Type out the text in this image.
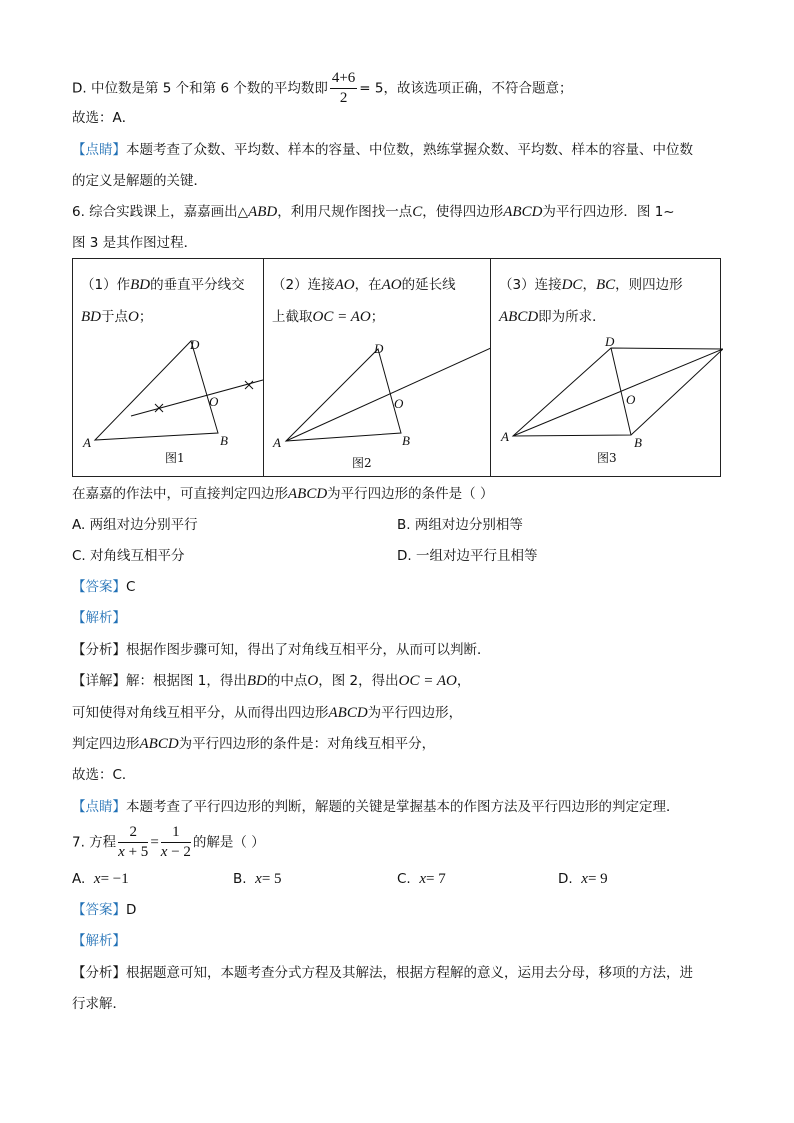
D. 中位数是第 5 个和第 6 个数的平均数即 $\frac{4+6}{2} = 5$，故该选项正确，不符合题意；
故选：A．
【点睛】本题考查了众数、平均数、样本的容量、中位数，熟练掌握众数、平均数、样本的容量、中位数
的定义是解题的关键．
6. 综合实践课上，嘉嘉画出△ABD，利用尺规作图找一点C，使得四边形ABCD为平行四边形．图 1~
图 3 是其作图过程．
（1）作BD的垂直平分线交
BD于点O；
A	B
D
O
图1
（2）连接AO，在AO的延长线
上截取OC = AO；
A	B
D
O
图2
（3）连接DC，BC，则四边形
ABCD即为所求．
A	B
D
O
图3
在嘉嘉的作法中，可直接判定四边形ABCD为平行四边形的条件是（ ）
A. 两组对边分别平行	B. 两组对边分别相等
C. 对角线互相平分	D. 一组对边平行且相等
【答案】C
【解析】
【分析】根据作图步骤可知，得出了对角线互相平分，从而可以判断．
【详解】解：根据图 1，得出BD的中点O，图 2，得出OC = AO，
可知使得对角线互相平分，从而得出四边形ABCD为平行四边形，
判定四边形ABCD为平行四边形的条件是：对角线互相平分，
故选：C．
【点睛】本题考查了平行四边形的判断，解题的关键是掌握基本的作图方法及平行四边形的判定定理．
7. 方程 $\frac{2}{x + 5} = \frac{1}{x - 2}$ 的解是（ ）
A. x= −1	B. x= 5	C. x= 7	D. x= 9
【答案】D
【解析】
【分析】根据题意可知，本题考查分式方程及其解法，根据方程解的意义，运用去分母，移项的方法，进
行求解．
